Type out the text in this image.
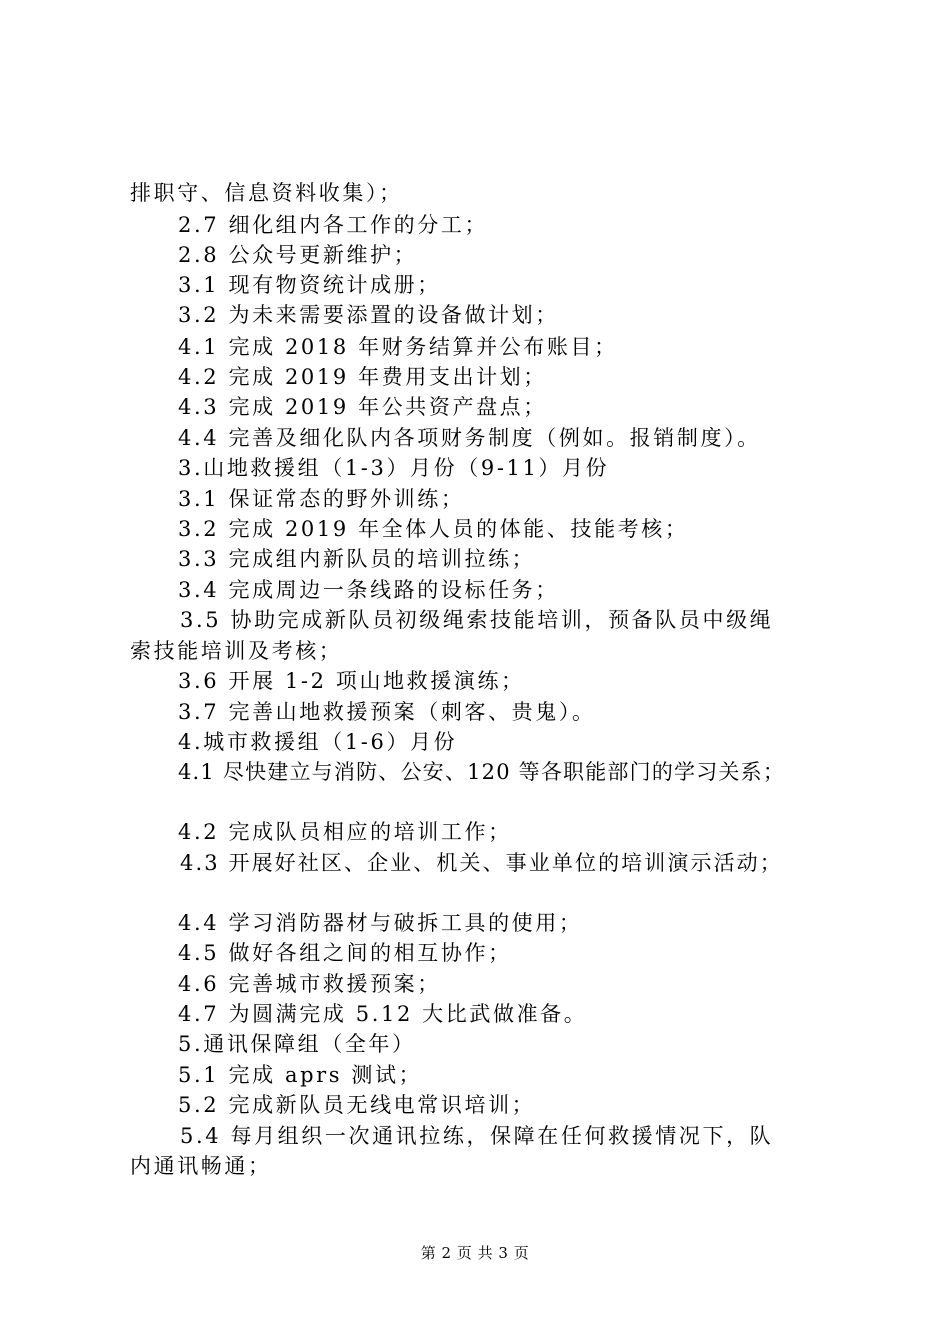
排职守、信息资料收集）；
2.7 细化组内各工作的分工；
2.8 公众号更新维护；
3.1 现有物资统计成册；
3.2 为未来需要添置的设备做计划；
4.1 完成 2018 年财务结算并公布账目；
4.2 完成 2019 年费用支出计划；
4.3 完成 2019 年公共资产盘点；
4.4 完善及细化队内各项财务制度（例如。报销制度）。
3.山地救援组（1-3）月份（9-11）月份
3.1 保证常态的野外训练；
3.2 完成 2019 年全体人员的体能、技能考核；
3.3 完成组内新队员的培训拉练；
3.4 完成周边一条线路的设标任务；
3.5 协助完成新队员初级绳索技能培训，预备队员中级绳
索技能培训及考核；
3.6 开展 1-2 项山地救援演练；
3.7 完善山地救援预案（刺客、贵鬼）。
4.城市救援组（1-6）月份
4.1 尽快建立与消防、公安、120 等各职能部门的学习关系；
4.2 完成队员相应的培训工作；
4.3 开展好社区、企业、机关、事业单位的培训演示活动；
4.4 学习消防器材与破拆工具的使用；
4.5 做好各组之间的相互协作；
4.6 完善城市救援预案；
4.7 为圆满完成 5.12 大比武做准备。
5.通讯保障组（全年）
5.1 完成 aprs 测试；
5.2 完成新队员无线电常识培训；
5.4 每月组织一次通讯拉练，保障在任何救援情况下，队
内通讯畅通；
第 2 页 共 3 页
